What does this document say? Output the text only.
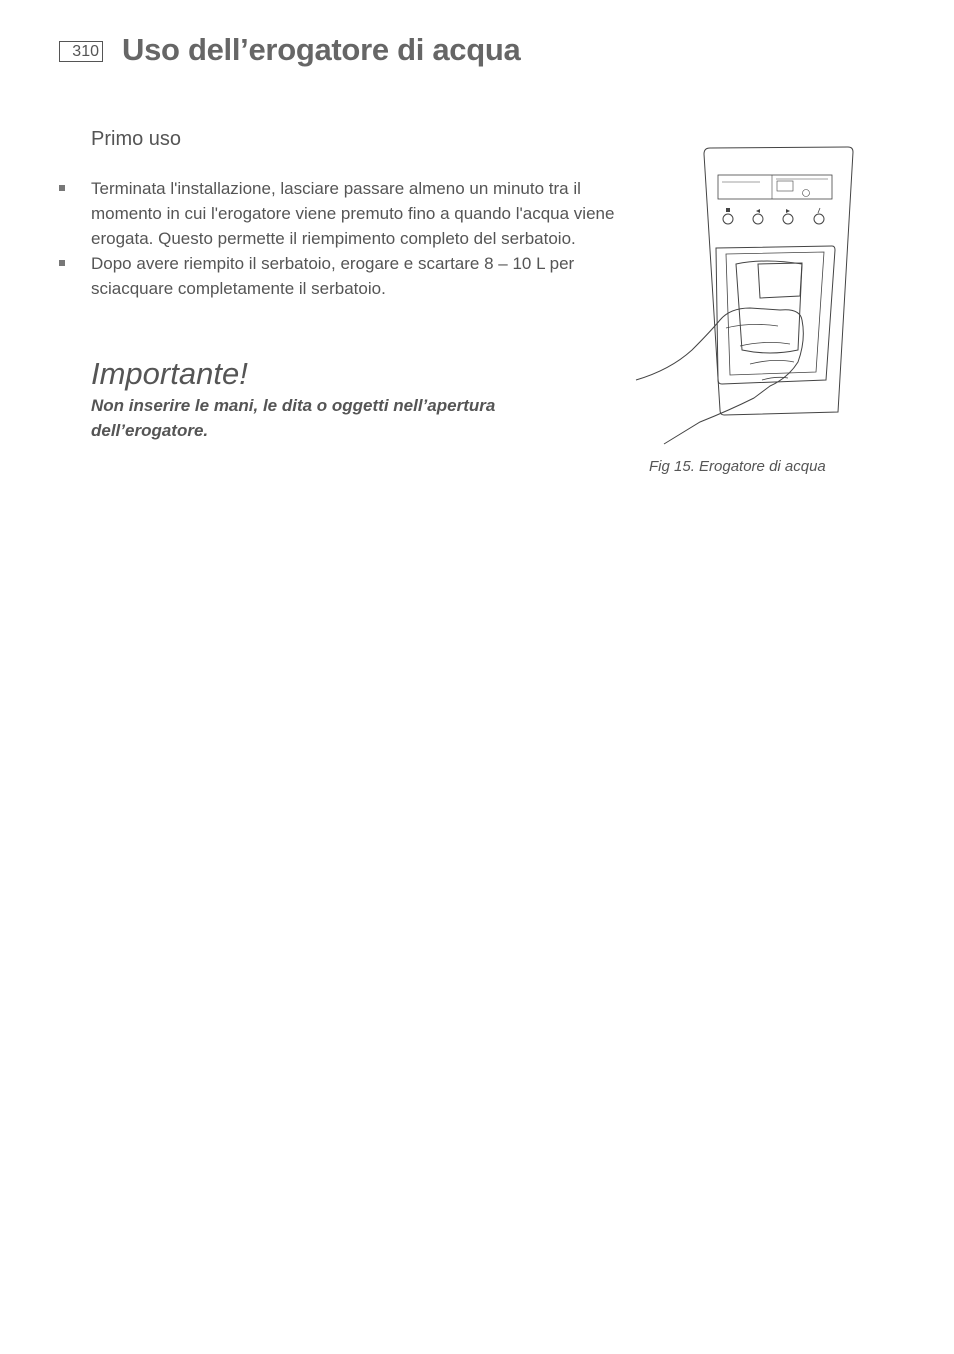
310 Uso dell’erogatore di acqua
Primo uso
Terminata l'installazione, lasciare passare almeno un minuto tra il momento in cui l'erogatore viene premuto fino a quando l'acqua viene erogata. Questo permette il riempimento completo del serbatoio.
Dopo avere riempito il serbatoio, erogare e scartare 8 – 10 L per sciacquare completamente il serbatoio.
Importante!

Non inserire le mani, le dita o oggetti nell’apertura dell’erogatore.

Fig 15. Erogatore di acqua
